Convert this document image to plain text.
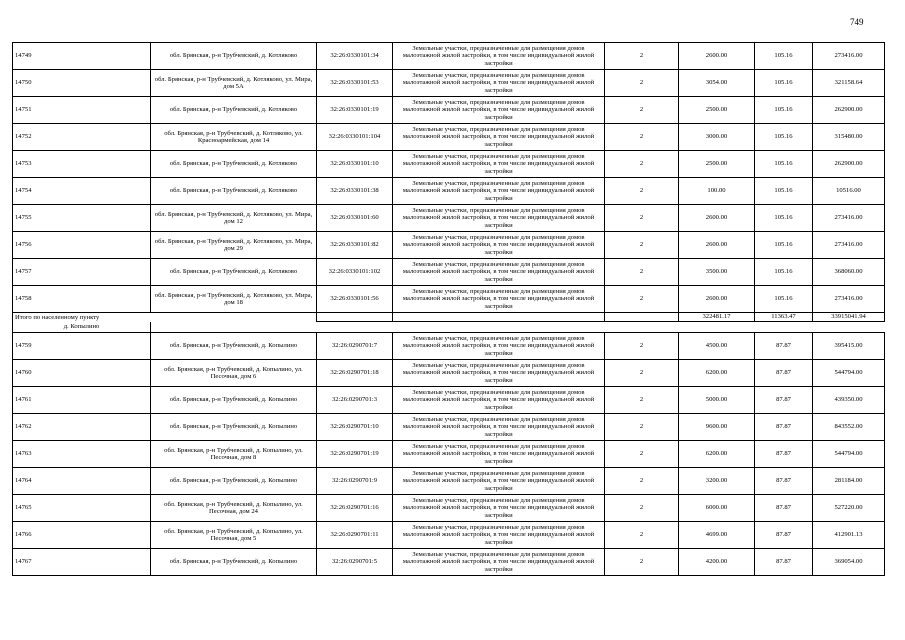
749
14749	обл. Брянская, р-н Трубчевский, д. Котляково	32:26:0330101:34	Земельные участки, предназначенные для размещения домов малоэтажной жилой застройки, в том числе индивидуальной жилой застройки	2	2600.00	105.16	273416.00
14750	обл. Брянская, р-н Трубчевский, д. Котляково, ул. Мира, дом 5А	32:26:0330101:53	Земельные участки, предназначенные для размещения домов малоэтажной жилой застройки, в том числе индивидуальной жилой застройки	2	3054.00	105.16	321158.64
14751	обл. Брянская, р-н Трубчевский, д. Котляково	32:26:0330101:19	Земельные участки, предназначенные для размещения домов малоэтажной жилой застройки, в том числе индивидуальной жилой застройки	2	2500.00	105.16	262900.00
14752	обл. Брянская, р-н Трубчевский, д. Котляково, ул. Красноармейская, дом 14	32:26:0330101:104	Земельные участки, предназначенные для размещения домов малоэтажной жилой застройки, в том числе индивидуальной жилой застройки	2	3000.00	105.16	315480.00
14753	обл. Брянская, р-н Трубчевский, д. Котляково	32:26:0330101:10	Земельные участки, предназначенные для размещения домов малоэтажной жилой застройки, в том числе индивидуальной жилой застройки	2	2500.00	105.16	262900.00
14754	обл. Брянская, р-н Трубчевский, д. Котляково	32:26:0330101:38	Земельные участки, предназначенные для размещения домов малоэтажной жилой застройки, в том числе индивидуальной жилой застройки	2	100.00	105.16	10516.00
14755	обл. Брянская, р-н Трубчевский, д. Котляково, ул. Мира, дом 12	32:26:0330101:60	Земельные участки, предназначенные для размещения домов малоэтажной жилой застройки, в том числе индивидуальной жилой застройки	2	2600.00	105.16	273416.00
14756	обл. Брянская, р-н Трубчевский, д. Котляково, ул. Мира, дом 29	32:26:0330101:82	Земельные участки, предназначенные для размещения домов малоэтажной жилой застройки, в том числе индивидуальной жилой застройки	2	2600.00	105.16	273416.00
14757	обл. Брянская, р-н Трубчевский, д. Котляково	32:26:0330101:102	Земельные участки, предназначенные для размещения домов малоэтажной жилой застройки, в том числе индивидуальной жилой застройки	2	3500.00	105.16	368060.00
14758	обл. Брянская, р-н Трубчевский, д. Котляково, ул. Мира, дом 18	32:26:0330101:56	Земельные участки, предназначенные для размещения домов малоэтажной жилой застройки, в том числе индивидуальной жилой застройки	2	2600.00	105.16	273416.00
Итого по населенному пункту					322481.17	11363.47	33915041.94
д. Копылино							
14759	обл. Брянская, р-н Трубчевский, д. Копылино	32:26:0290701:7	Земельные участки, предназначенные для размещения домов малоэтажной жилой застройки, в том числе индивидуальной жилой застройки	2	4500.00	87.87	395415.00
14760	обл. Брянская, р-н Трубчевский, д. Копылино, ул. Песочная, дом 6	32:26:0290701:18	Земельные участки, предназначенные для размещения домов малоэтажной жилой застройки, в том числе индивидуальной жилой застройки	2	6200.00	87.87	544794.00
14761	обл. Брянская, р-н Трубчевский, д. Копылино	32:26:0290701:3	Земельные участки, предназначенные для размещения домов малоэтажной жилой застройки, в том числе индивидуальной жилой застройки	2	5000.00	87.87	439350.00
14762	обл. Брянская, р-н Трубчевский, д. Копылино	32:26:0290701:10	Земельные участки, предназначенные для размещения домов малоэтажной жилой застройки, в том числе индивидуальной жилой застройки	2	9600.00	87.87	843552.00
14763	обл. Брянская, р-н Трубчевский, д. Копылино, ул. Песочная, дом 8	32:26:0290701:19	Земельные участки, предназначенные для размещения домов малоэтажной жилой застройки, в том числе индивидуальной жилой застройки	2	6200.00	87.87	544794.00
14764	обл. Брянская, р-н Трубчевский, д. Копылино	32:26:0290701:9	Земельные участки, предназначенные для размещения домов малоэтажной жилой застройки, в том числе индивидуальной жилой застройки	2	3200.00	87.87	281184.00
14765	обл. Брянская, р-н Трубчевский, д. Копылино, ул. Песочная, дом 24	32:26:0290701:16	Земельные участки, предназначенные для размещения домов малоэтажной жилой застройки, в том числе индивидуальной жилой застройки	2	6000.00	87.87	527220.00
14766	обл. Брянская, р-н Трубчевский, д. Копылино, ул. Песочная, дом 5	32:26:0290701:11	Земельные участки, предназначенные для размещения домов малоэтажной жилой застройки, в том числе индивидуальной жилой застройки	2	4699.00	87.87	412901.13
14767	обл. Брянская, р-н Трубчевский, д. Копылино	32:26:0290701:5	Земельные участки, предназначенные для размещения домов малоэтажной жилой застройки, в том числе индивидуальной жилой застройки	2	4200.00	87.87	369054.00
